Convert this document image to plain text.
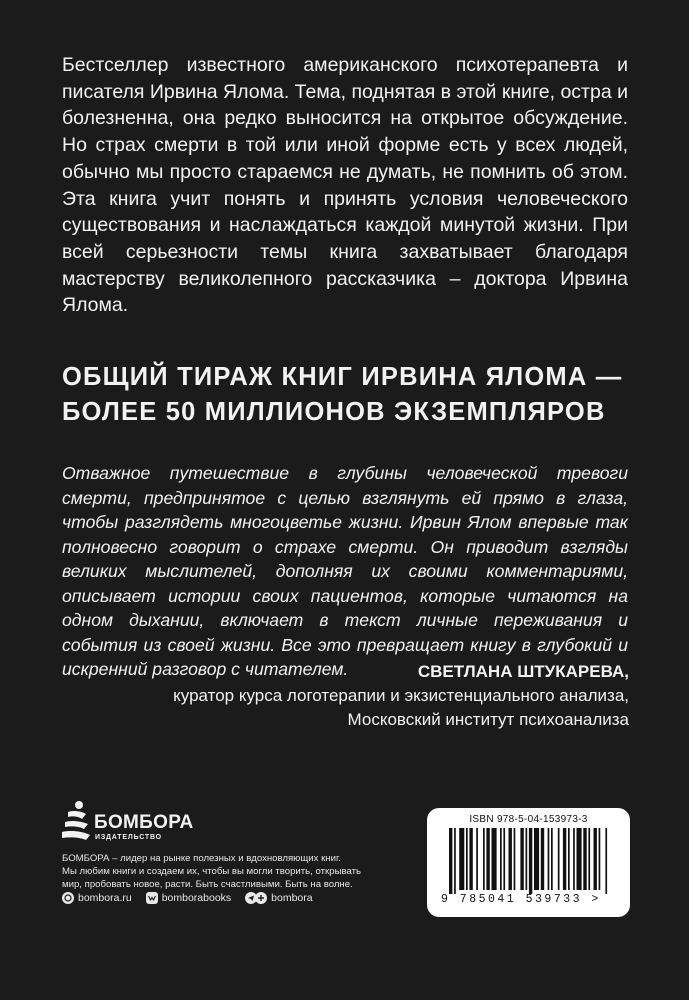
Бестселлер известного американского психотерапевта и писателя Ирвина Ялома. Тема, поднятая в этой книге, остра и болезненна, она редко выносится на открытое обсуждение. Но страх смерти в той или иной форме есть у всех людей, обычно мы просто стараемся не думать, не помнить об этом. Эта книга учит понять и принять условия человеческого существования и наслаждаться каждой минутой жизни. При всей серьезности темы книга захватывает благодаря мастерству великолепного рассказчика – доктора Ирвина Ялома.

ОБЩИЙ ТИРАЖ КНИГ ИРВИНА ЯЛОМА —
БОЛЕЕ 50 МИЛЛИОНОВ ЭКЗЕМПЛЯРОВ

Отважное путешествие в глубины человеческой тревоги смерти, предпринятое с целью взглянуть ей прямо в глаза, чтобы разглядеть многоцветье жизни. Ирвин Ялом впервые так полновесно говорит о страхе смерти. Он приводит взгляды великих мыслителей, дополняя их своими комментариями, описывает истории своих пациентов, которые читаются на одном дыхании, включает в текст личные переживания и события из своей жизни. Все это превращает книгу в глубокий и искренний разговор с читателем.	СВЕТЛАНА ШТУКАРЕВА,
куратор курса логотерапии и экзистенциального анализа,
Московский институт психоанализа
БОМБОРА
ИЗДАТЕЛЬСТВО
БОМБОРА – лидер на рынке полезных и вдохновляющих книг.
Мы любим книги и создаем их, чтобы вы могли творить, открывать
мир, пробовать новое, расти. Быть счастливыми. Быть на волне.
bombora.ru	bomborabooks	bombora
ISBN 978-5-04-153973-3
9 785041 539733 >
